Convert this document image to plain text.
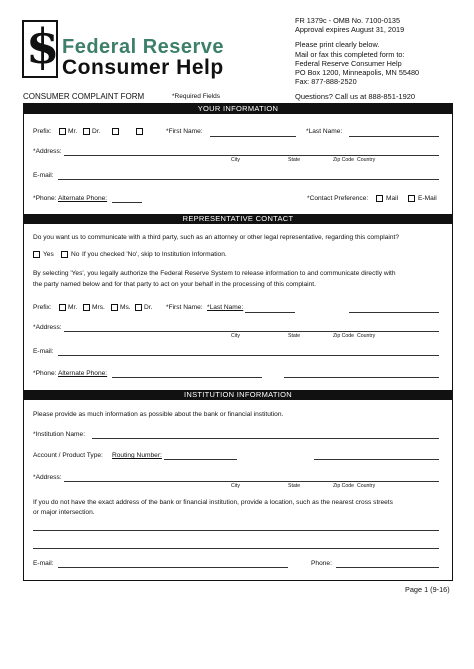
$ Federal Reserve
Consumer Help
FR 1379c - OMB No. 7100-0135
Approval expires August 31, 2019
Please print clearly below.
Mail or fax this completed form to:
Federal Reserve Consumer Help
PO Box 1200, Minneapolis, MN 55480
Fax: 877-888-2520
CONSUMER COMPLAINT FORM	*Required Fields	Questions? Call us at 888-851-1920
YOUR INFORMATION
Prefix: Mr. Dr.	*First Name:	*Last Name:
*Address:
City	State	Zip Code Country
E-mail:
*Phone: Alternate Phone:	*Contact Preference:	Mail	E-Mail
REPRESENTATIVE CONTACT
Do you want us to communicate with a third party, such as an attorney or other legal representative, regarding this complaint?
Yes	No If you checked 'No', skip to Institution Information.
By selecting 'Yes', you legally authorize the Federal Reserve System to release information to and communicate directly with
the party named below and for that party to act on your behalf in the processing of this complaint.
Prefix: Mr. Mrs. Ms. Dr. *First Name: *Last Name:
*Address:
City	State	Zip Code Country
E-mail:
*Phone: Alternate Phone:
INSTITUTION INFORMATION
Please provide as much information as possible about the bank or financial institution.
*Institution Name:
Account / Product Type: Routing Number:
*Address:
City	State	Zip Code Country
If you do not have the exact address of the bank or financial institution, provide a location, such as the nearest cross streets
or major intersection.
E-mail:	Phone:
Page 1 (9-16)
